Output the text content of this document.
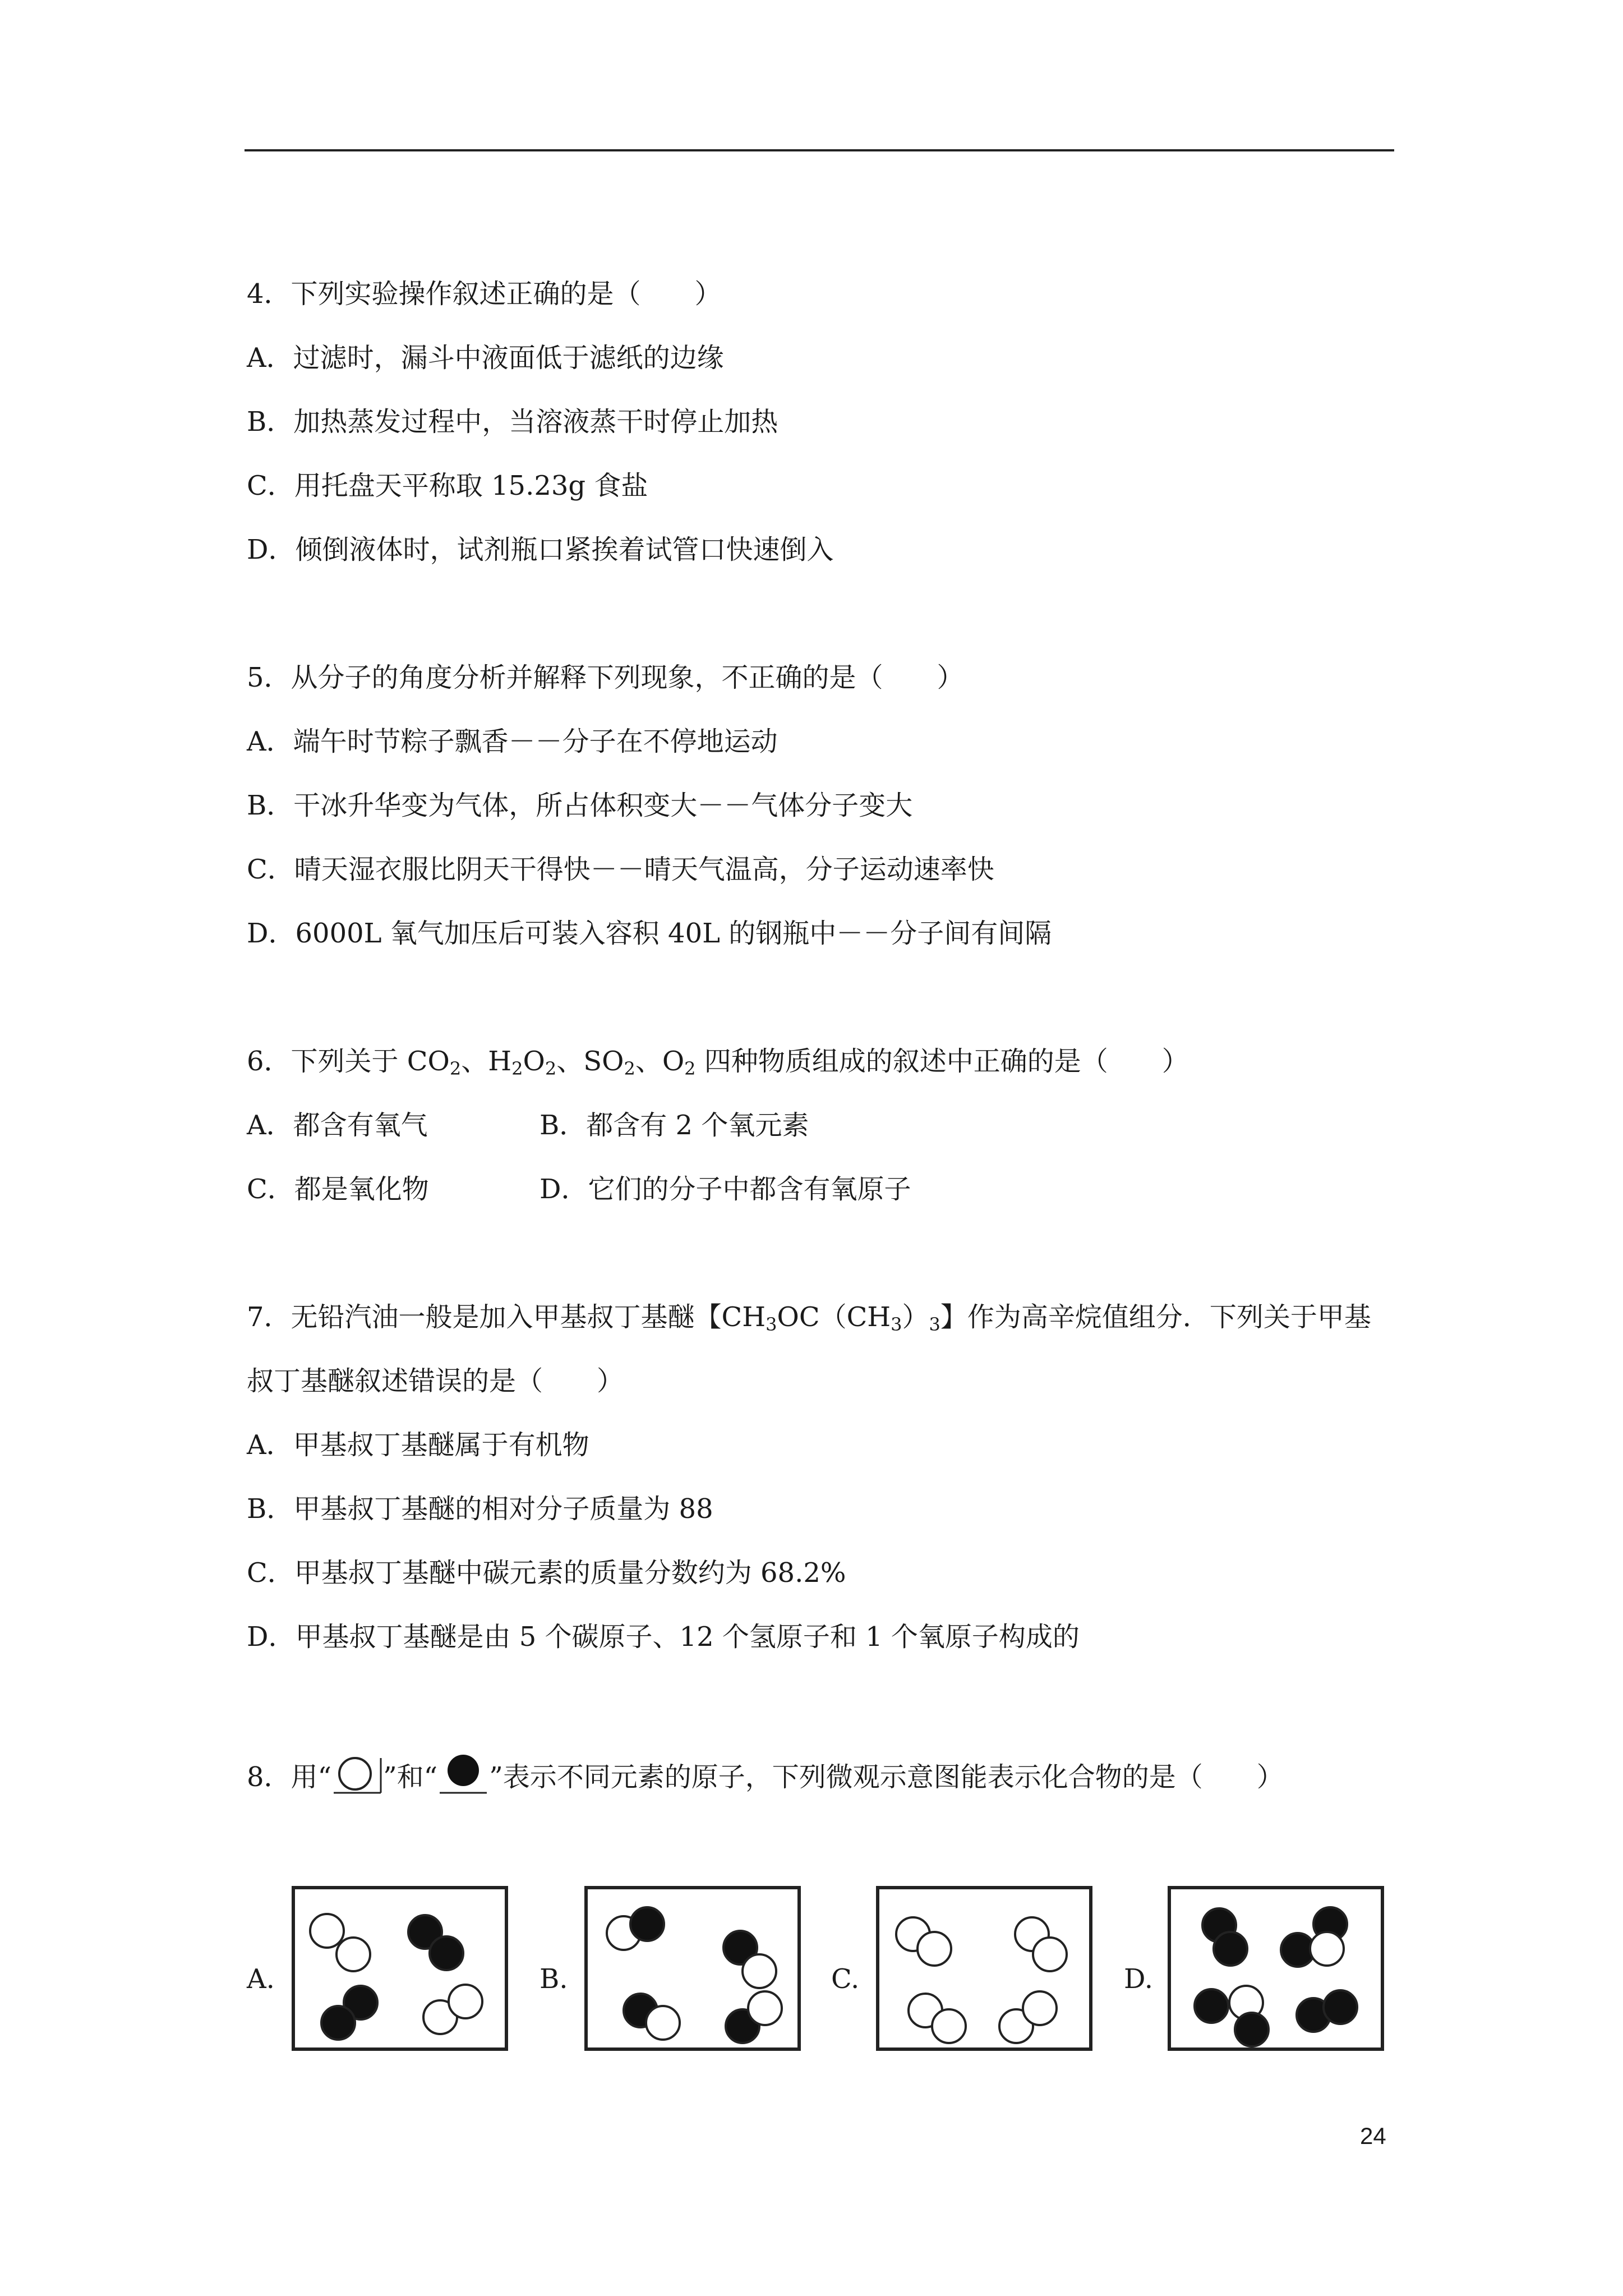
4．下列实验操作叙述正确的是（　　）
A．过滤时，漏斗中液面低于滤纸的边缘
B．加热蒸发过程中，当溶液蒸干时停止加热
C．用托盘天平称取 15.23g 食盐
D．倾倒液体时，试剂瓶口紧挨着试管口快速倒入
5．从分子的角度分析并解释下列现象，不正确的是（　　）
A．端午时节粽子飘香－－分子在不停地运动
B．干冰升华变为气体，所占体积变大－－气体分子变大
C．晴天湿衣服比阴天干得快－－晴天气温高，分子运动速率快
D．6000L 氧气加压后可装入容积 40L 的钢瓶中－－分子间有间隔
6．下列关于 $CO_2$、$H_2O_2$、$SO_2$、$O_2$ 四种物质组成的叙述中正确的是（　　）
A．都含有氧气	B．都含有 2 个氧元素
C．都是氧化物	D．它们的分子中都含有氧原子
7．无铅汽油一般是加入甲基叔丁基醚【$CH_3OC(CH_3)_3$】作为高辛烷值组分．下列关于甲基
叔丁基醚叙述错误的是（　　）
A．甲基叔丁基醚属于有机物
B．甲基叔丁基醚的相对分子质量为 88
C．甲基叔丁基醚中碳元素的质量分数约为 68.2%
D．甲基叔丁基醚是由 5 个碳原子、12 个氢原子和 1 个氧原子构成的
8．用“ ”和“ ”表示不同元素的原子，下列微观示意图能表示化合物的是（　　）
A.	B.	C.	D.
24
